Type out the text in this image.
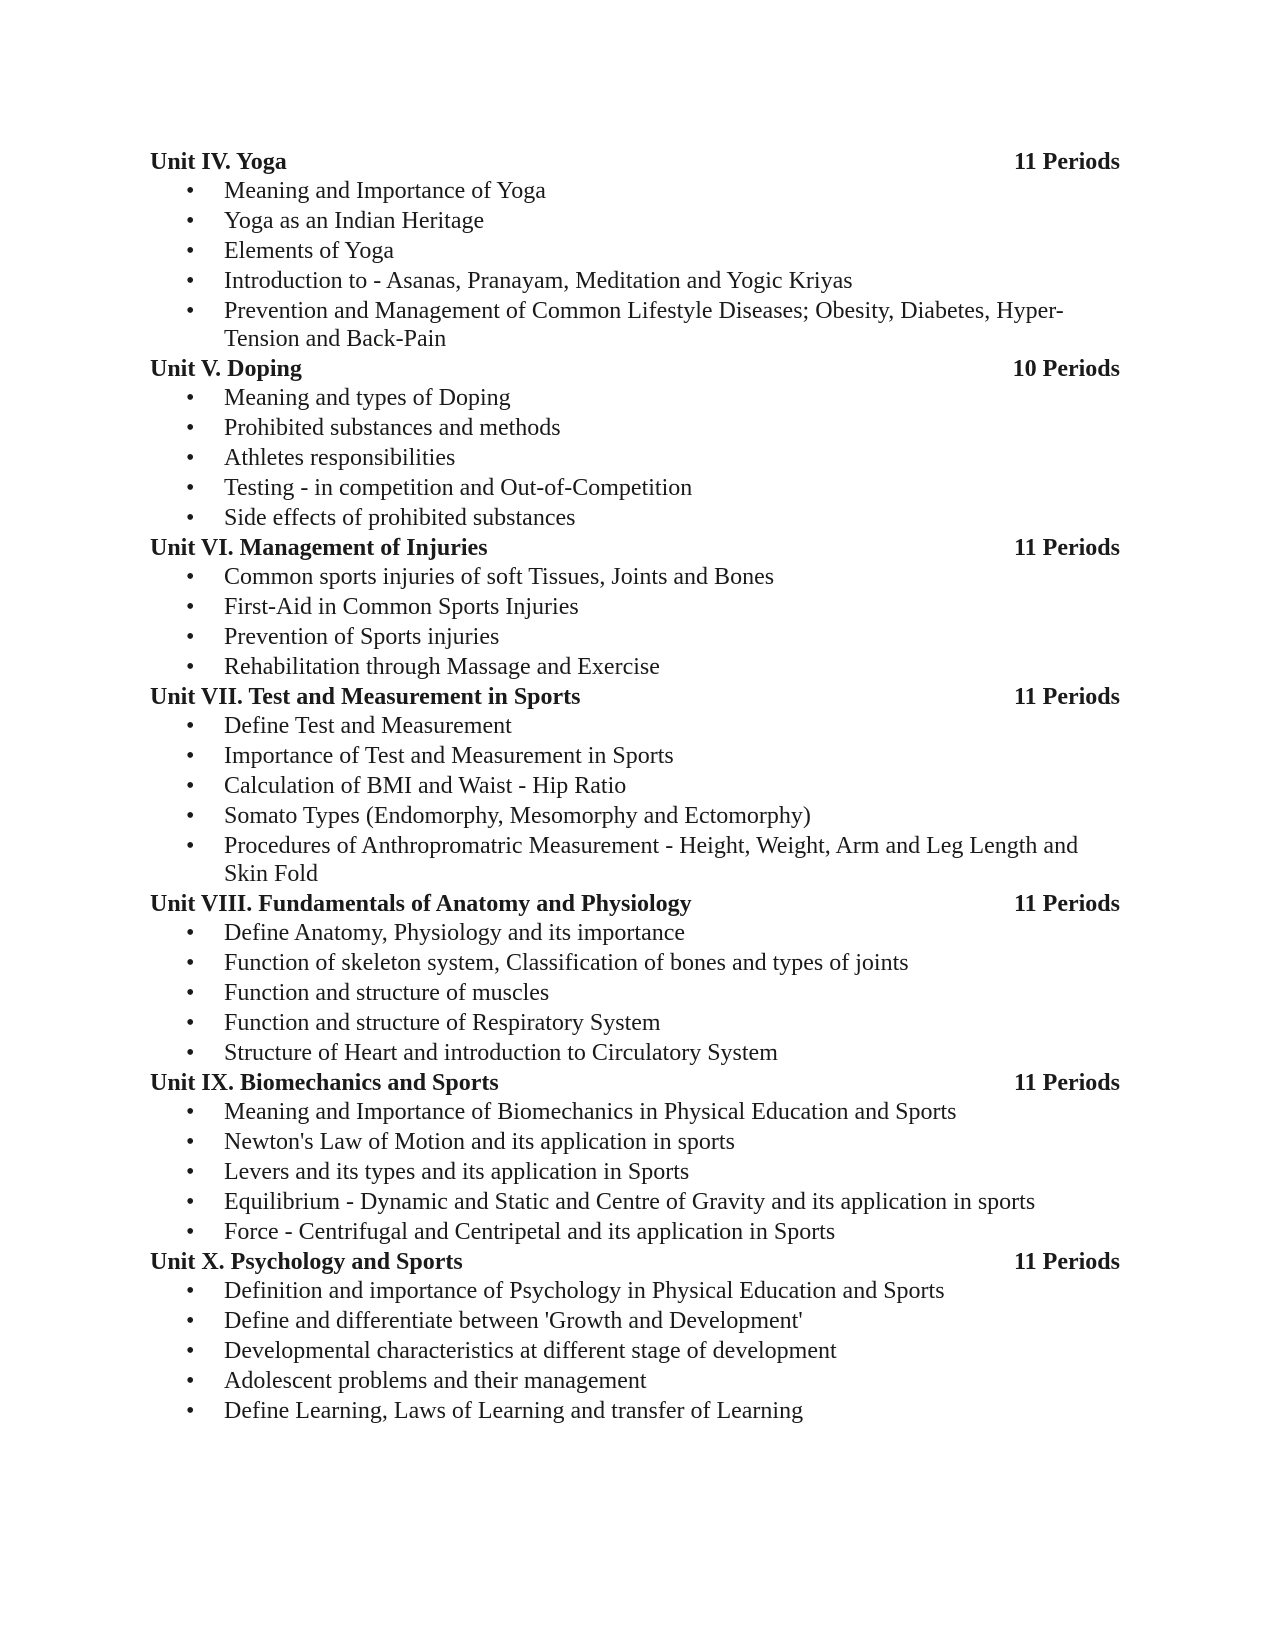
Unit IV. Yoga	11 Periods
• Meaning and Importance of Yoga
• Yoga as an Indian Heritage
• Elements of Yoga
• Introduction to - Asanas, Pranayam, Meditation and Yogic Kriyas
• Prevention and Management of Common Lifestyle Diseases; Obesity, Diabetes, Hyper-Tension and Back-Pain
Unit V. Doping	10 Periods
• Meaning and types of Doping
• Prohibited substances and methods
• Athletes responsibilities
• Testing - in competition and Out-of-Competition
• Side effects of prohibited substances
Unit VI. Management of Injuries	11 Periods
• Common sports injuries of soft Tissues, Joints and Bones
• First-Aid in Common Sports Injuries
• Prevention of Sports injuries
• Rehabilitation through Massage and Exercise
Unit VII. Test and Measurement in Sports	11 Periods
• Define Test and Measurement
• Importance of Test and Measurement in Sports
• Calculation of BMI and Waist - Hip Ratio
• Somato Types (Endomorphy, Mesomorphy and Ectomorphy)
• Procedures of Anthropromatric Measurement - Height, Weight, Arm and Leg Length and Skin Fold
Unit VIII. Fundamentals of Anatomy and Physiology	11 Periods
• Define Anatomy, Physiology and its importance
• Function of skeleton system, Classification of bones and types of joints
• Function and structure of muscles
• Function and structure of Respiratory System
• Structure of Heart and introduction to Circulatory System
Unit IX. Biomechanics and Sports	11 Periods
• Meaning and Importance of Biomechanics in Physical Education and Sports
• Newton's Law of Motion and its application in sports
• Levers and its types and its application in Sports
• Equilibrium - Dynamic and Static and Centre of Gravity and its application in sports
• Force - Centrifugal and Centripetal and its application in Sports
Unit X. Psychology and Sports	11 Periods
• Definition and importance of Psychology in Physical Education and Sports
• Define and differentiate between 'Growth and Development'
• Developmental characteristics at different stage of development
• Adolescent problems and their management
• Define Learning, Laws of Learning and transfer of Learning
